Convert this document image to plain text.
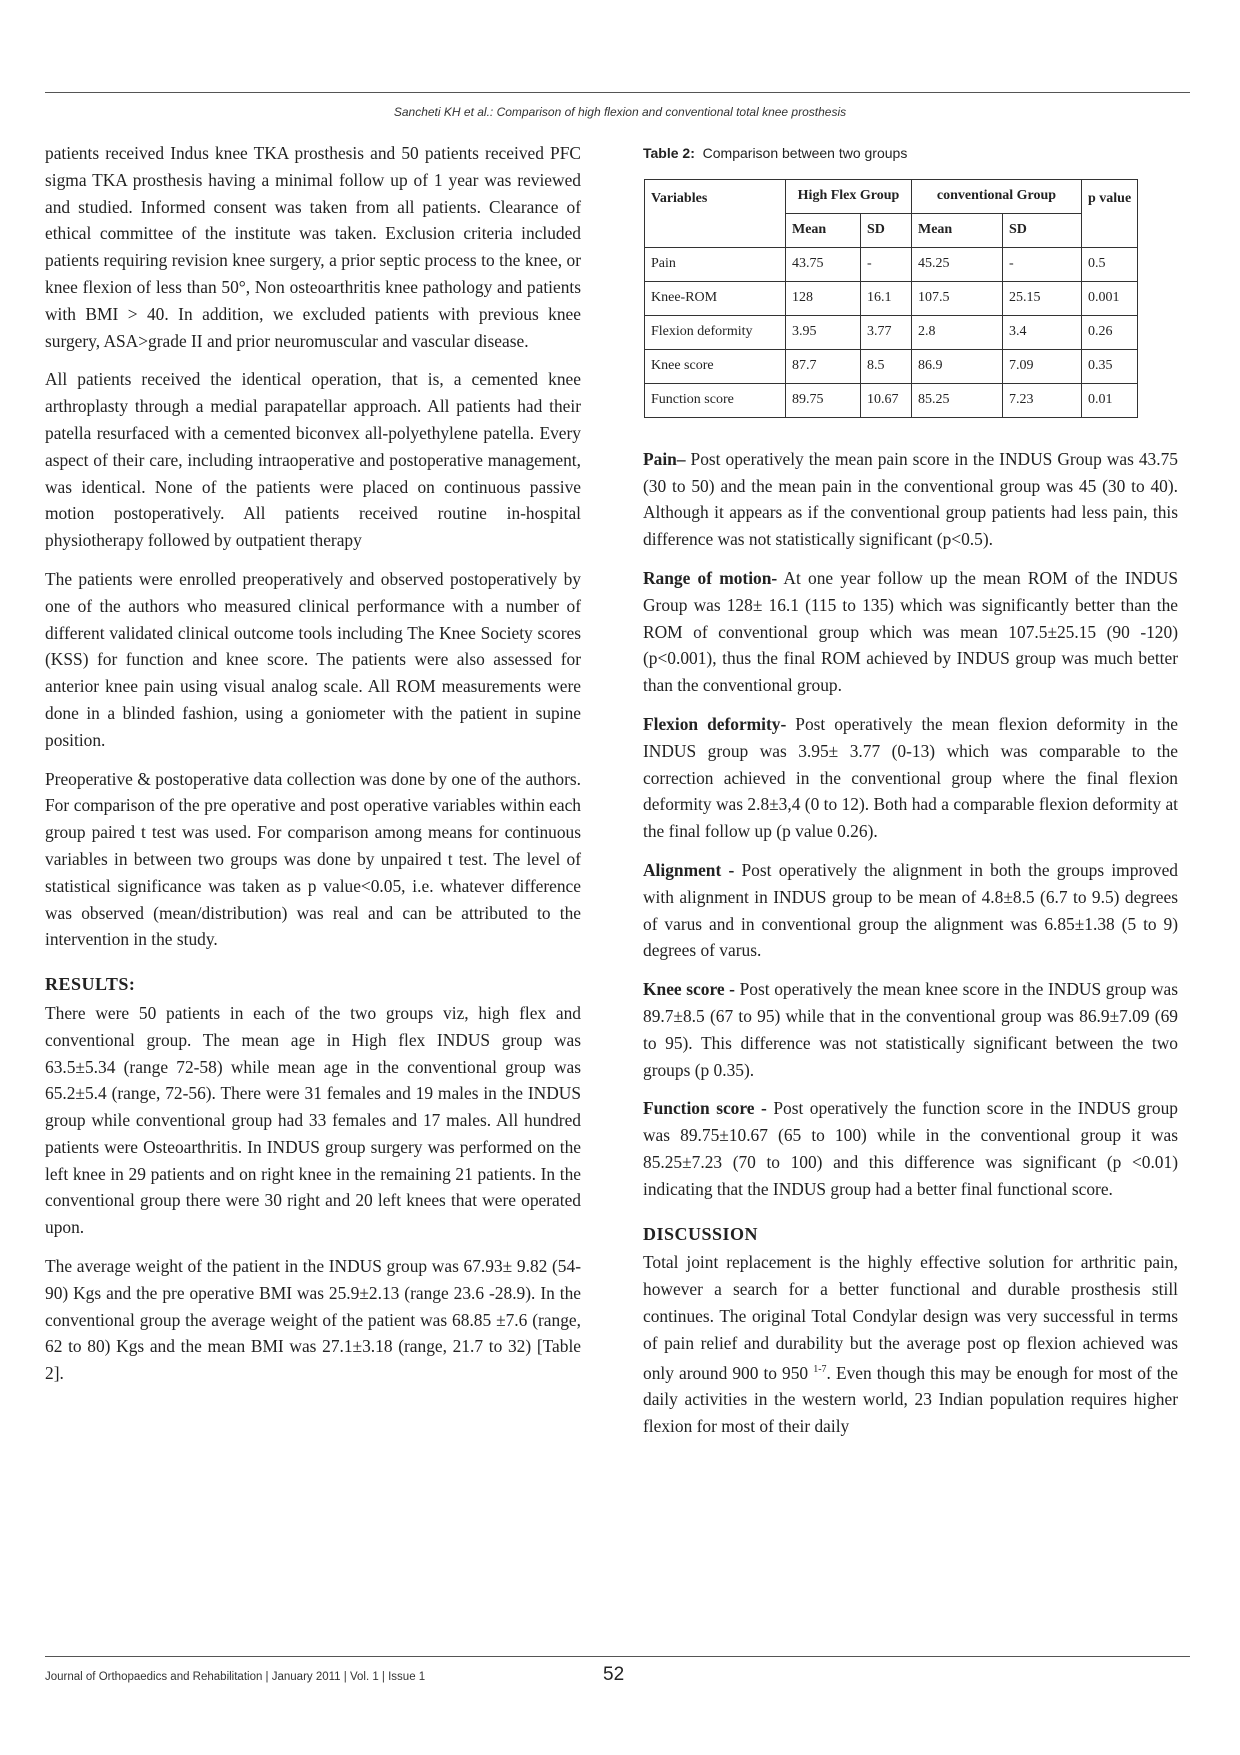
Sancheti KH et al.: Comparison of high flexion and conventional total knee prosthesis

patients received Indus knee TKA prosthesis and 50 patients received PFC sigma TKA prosthesis having a minimal follow up of 1 year was reviewed and studied. Informed consent was taken from all patients. Clearance of ethical committee of the institute was taken. Exclusion criteria included patients requiring revision knee surgery, a prior septic process to the knee, or knee flexion of less than 50°, Non osteoarthritis knee pathology and patients with BMI > 40. In addition, we excluded patients with previous knee surgery, ASA>grade II and prior neuromuscular and vascular disease.

All patients received the identical operation, that is, a cemented knee arthroplasty through a medial parapatellar approach. All patients had their patella resurfaced with a cemented biconvex all-polyethylene patella. Every aspect of their care, including intraoperative and postoperative management, was identical. None of the patients were placed on continuous passive motion postoperatively. All patients received routine in-hospital physiotherapy followed by outpatient therapy

The patients were enrolled preoperatively and observed postoperatively by one of the authors who measured clinical performance with a number of different validated clinical outcome tools including The Knee Society scores (KSS) for function and knee score. The patients were also assessed for anterior knee pain using visual analog scale. All ROM measurements were done in a blinded fashion, using a goniometer with the patient in supine position.

Preoperative & postoperative data collection was done by one of the authors. For comparison of the pre operative and post operative variables within each group paired t test was used. For comparison among means for continuous variables in between two groups was done by unpaired t test. The level of statistical significance was taken as p value<0.05, i.e. whatever difference was observed (mean/distribution) was real and can be attributed to the intervention in the study.

RESULTS:

There were 50 patients in each of the two groups viz, high flex and conventional group. The mean age in High flex INDUS group was 63.5±5.34 (range 72-58) while mean age in the conventional group was 65.2±5.4 (range, 72-56). There were 31 females and 19 males in the INDUS group while conventional group had 33 females and 17 males. All hundred patients were Osteoarthritis. In INDUS group surgery was performed on the left knee in 29 patients and on right knee in the remaining 21 patients. In the conventional group there were 30 right and 20 left knees that were operated upon.

The average weight of the patient in the INDUS group was 67.93± 9.82 (54-90) Kgs and the pre operative BMI was 25.9±2.13 (range 23.6 -28.9). In the conventional group the average weight of the patient was 68.85 ±7.6 (range, 62 to 80) Kgs and the mean BMI was 27.1±3.18 (range, 21.7 to 32) [Table 2].

Table 2: Comparison between two groups
Variables	High Flex Group		conventional Group		p value
	Mean	SD	Mean	SD	
Pain	43.75	-	45.25	-	0.5
Knee-ROM	128	16.1	107.5	25.15	0.001
Flexion deformity	3.95	3.77	2.8	3.4	0.26
Knee score	87.7	8.5	86.9	7.09	0.35
Function score	89.75	10.67	85.25	7.23	0.01

Pain– Post operatively the mean pain score in the INDUS Group was 43.75 (30 to 50) and the mean pain in the conventional group was 45 (30 to 40). Although it appears as if the conventional group patients had less pain, this difference was not statistically significant (p<0.5).

Range of motion- At one year follow up the mean ROM of the INDUS Group was 128± 16.1 (115 to 135) which was significantly better than the ROM of conventional group which was mean 107.5±25.15 (90 -120) (p<0.001), thus the final ROM achieved by INDUS group was much better than the conventional group.

Flexion deformity- Post operatively the mean flexion deformity in the INDUS group was 3.95± 3.77 (0-13) which was comparable to the correction achieved in the conventional group where the final flexion deformity was 2.8±3,4 (0 to 12). Both had a comparable flexion deformity at the final follow up (p value 0.26).

Alignment - Post operatively the alignment in both the groups improved with alignment in INDUS group to be mean of 4.8±8.5 (6.7 to 9.5) degrees of varus and in conventional group the alignment was 6.85±1.38 (5 to 9) degrees of varus.

Knee score - Post operatively the mean knee score in the INDUS group was 89.7±8.5 (67 to 95) while that in the conventional group was 86.9±7.09 (69 to 95). This difference was not statistically significant between the two groups (p 0.35).

Function score - Post operatively the function score in the INDUS group was 89.75±10.67 (65 to 100) while in the conventional group it was 85.25±7.23 (70 to 100) and this difference was significant (p <0.01) indicating that the INDUS group had a better final functional score.

DISCUSSION

Total joint replacement is the highly effective solution for arthritic pain, however a search for a better functional and durable prosthesis still continues. The original Total Condylar design was very successful in terms of pain relief and durability but the average post op flexion achieved was only around 900 to 950 $^{1-7}$. Even though this may be enough for most of the daily activities in the western world, 23 Indian population requires higher flexion for most of their daily

Journal of Orthopaedics and Rehabilitation | January 2011 | Vol. 1 | Issue 1	52
